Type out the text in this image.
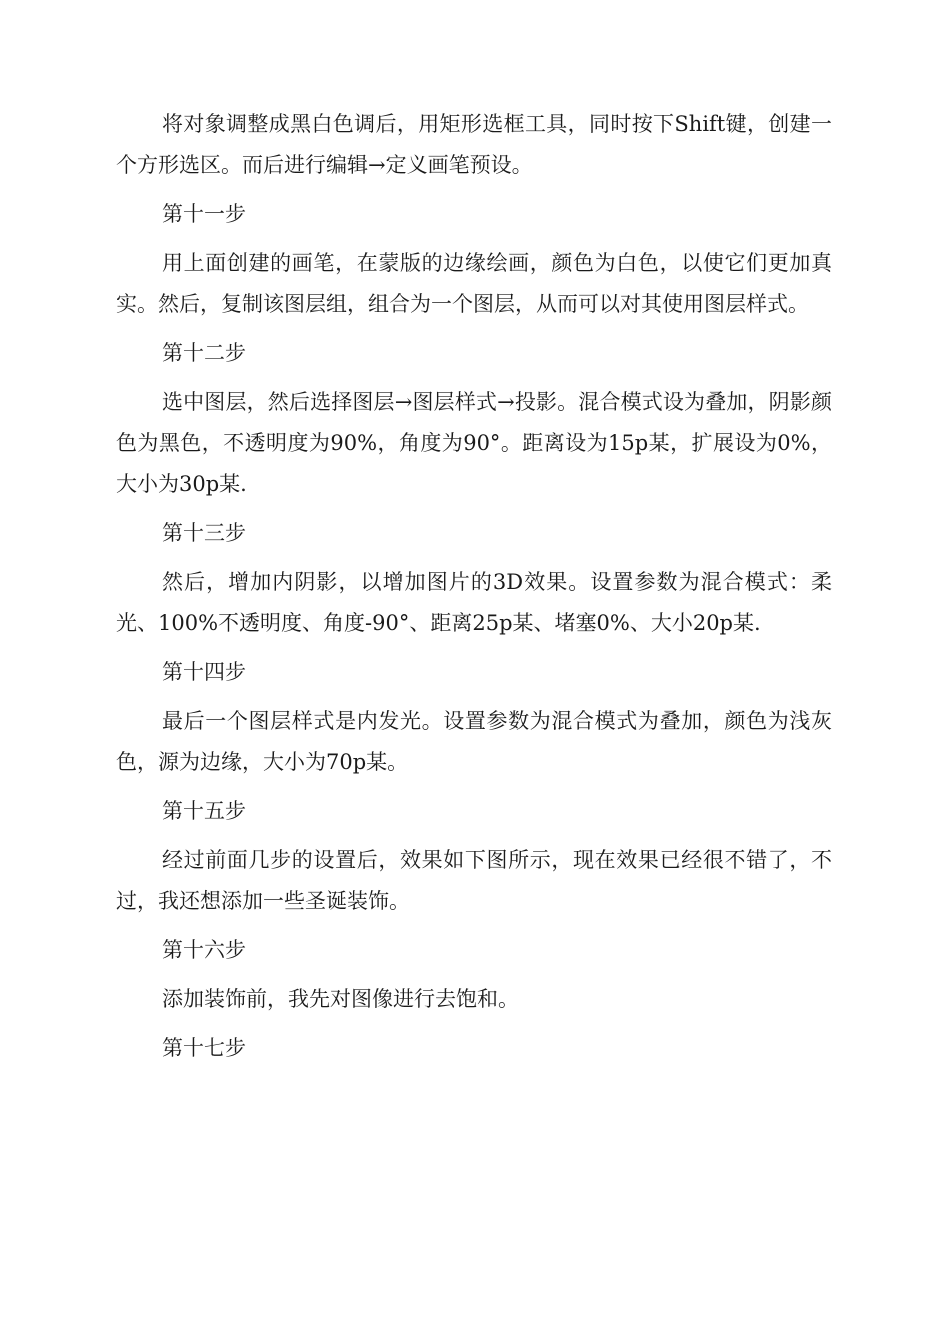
将对象调整成黑白色调后，用矩形选框工具，同时按下Shift键，创建一个方形选区。而后进行编辑→定义画笔预设。

第十一步

用上面创建的画笔，在蒙版的边缘绘画，颜色为白色，以使它们更加真实。然后，复制该图层组，组合为一个图层，从而可以对其使用图层样式。

第十二步

选中图层，然后选择图层→图层样式→投影。混合模式设为叠加，阴影颜色为黑色，不透明度为90%，角度为90°。距离设为15p某，扩展设为0%，大小为30p某.

第十三步

然后，增加内阴影，以增加图片的3D效果。设置参数为混合模式：柔光、100%不透明度、角度-90°、距离25p某、堵塞0%、大小20p某.

第十四步

最后一个图层样式是内发光。设置参数为混合模式为叠加，颜色为浅灰色，源为边缘，大小为70p某。

第十五步

经过前面几步的设置后，效果如下图所示，现在效果已经很不错了，不过，我还想添加一些圣诞装饰。

第十六步

添加装饰前，我先对图像进行去饱和。

第十七步
